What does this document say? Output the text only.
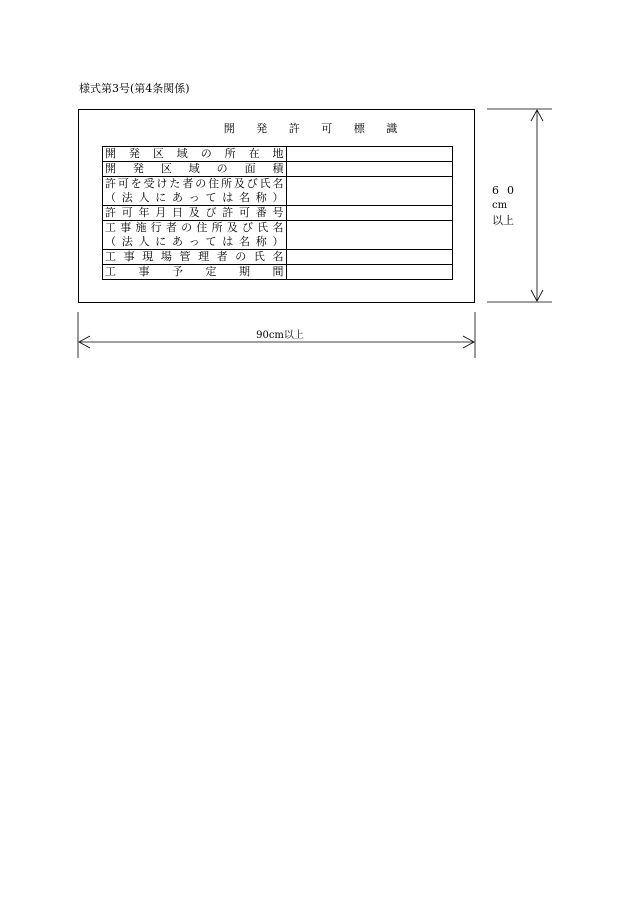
様式第3号(第4条関係)
開 発 許 可 標 識
開　発　区　域　の　所　在　地	

開　発　区　域　の　面　積	

許可を受けた者の住所及び氏名
（法人にあっては名称）	

許可年月日及び許可番号	

工事施行者の住所及び氏名
（法人にあっては名称）	

工事現場管理者の氏名	

工　事　予　定　期　間	

60
cm
以上
90cm以上
